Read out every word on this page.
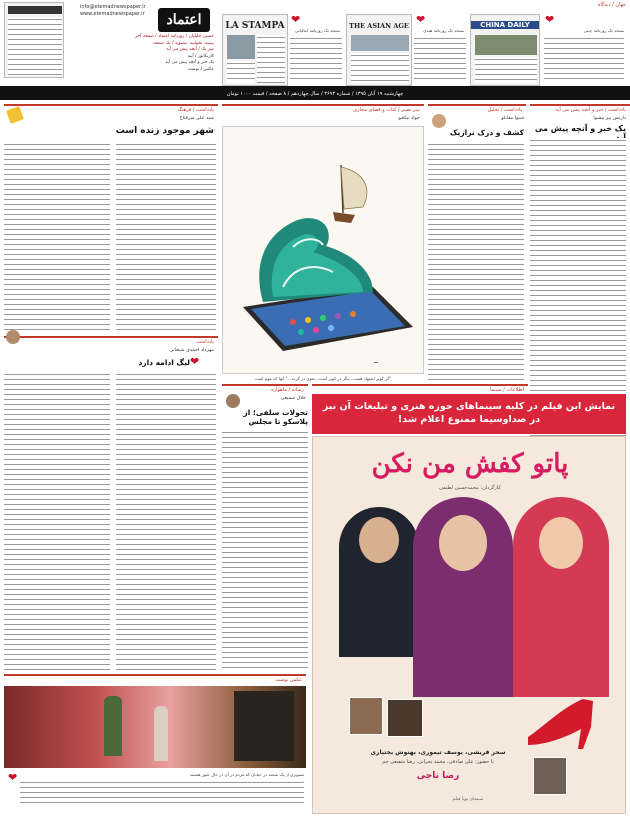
info@etemadnewspaper.ir
www.etemadnewspaper.ir	اعتماد
حسین جلیلیان / روزنامه اعتماد / صفحه آخر
ببینید، بخوانید، بشنوید / یک صفحه
تیتر یک / آنچه پیش می آید
کاریکاتور / آینه
یک خبر و آنچه پیش می آید
عکس / نوشت
LA STAMPA ❤
نسخه یک روزنامه ایتالیایی
THE ASIAN AGE ❤
نسخه یک روزنامه هندی
CHINA DAILY	❤
نسخه یک روزنامه چینی
جهان / دیدگاه
چهارشنبه ۱۹ آبان ۱۳۹۵ / شماره ۳۶۹۳ / سال چهاردهم / ۸ صفحه / قیمت ۱۰۰۰ تومان
یادداشت / خبر و آنچه پیش می آید
دارتس بیز پیشوا
یک خبر و آنچه پیش می
یادداشت / تحلیل
شیوا مقانلو
کشف و درک ترازیک
تیتر نصیر / کتاب و فضای مجازی
جواد نیکخو
~
"گر کویر اشتهاد هست، بنگر در کویر است، بجوی در گرده..." آنها که مهم است
یادداشت / فرهنگ
سید علی میرفتاح
شهر موجود زنده است
یادداشت
مهرداد احمدی شیخانی
❤
لیگ ادامه دارد
عکس نوشت
❤	تصویری از یک صحنه در خیابان که مردم در آن در حال عبور هستند
رسانه / ماهواره
جلال سمیعی
تحولات سلفی؛ از پلاسکو تا مجلس
اطلاعات / سینما
نمایش این فیلم در کلیه سینماهای حوزه هنری و تبلیغات آن نیز در صداوسیما ممنوع اعلام شد!
پاتو کفش من نکن
کارگردان: محمدحسین لطیفی
سحر قریشی، یوسف تیموری، بهنوش بختیاری
با حضور: علی صادقی، محمد بحرانی، رضا شفیعی جم
رضا ناجی
سینمای پویا فیلم
